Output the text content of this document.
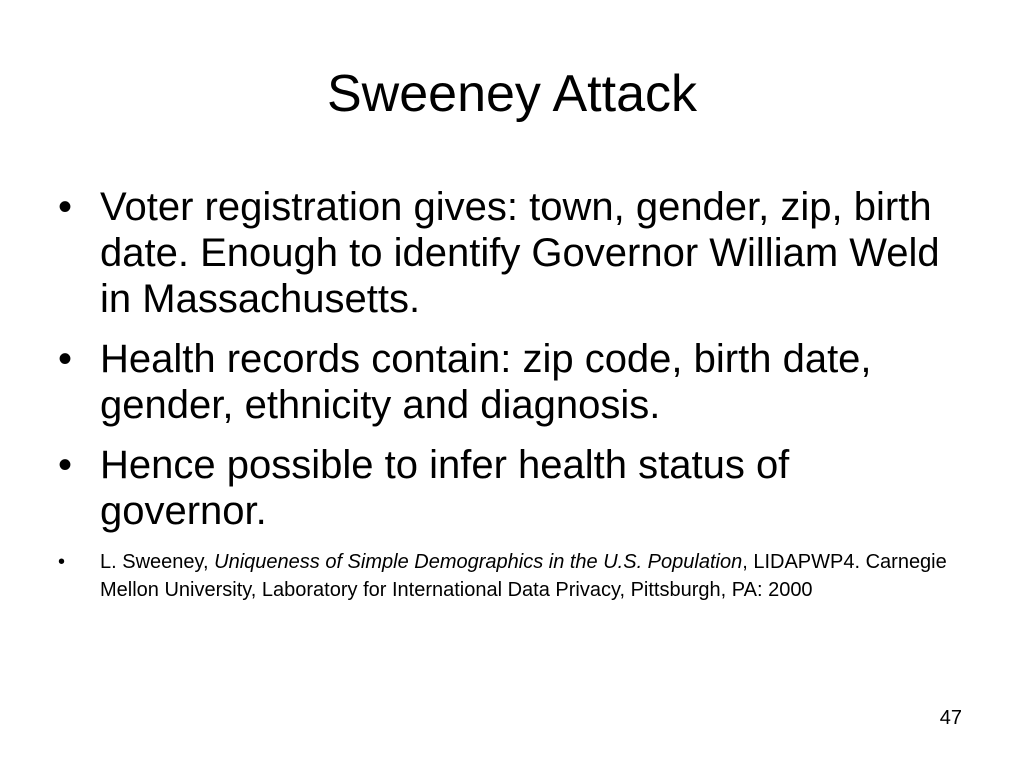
Sweeney Attack
• Voter registration gives: town, gender, zip, birth date. Enough to identify Governor William Weld in Massachusetts.
• Health records contain: zip code, birth date, gender, ethnicity and diagnosis.
• Hence possible to infer health status of governor.
•	L. Sweeney, Uniqueness of Simple Demographics in the U.S. Population, LIDAPWP4. Carnegie Mellon University, Laboratory for International Data Privacy, Pittsburgh, PA: 2000
47
